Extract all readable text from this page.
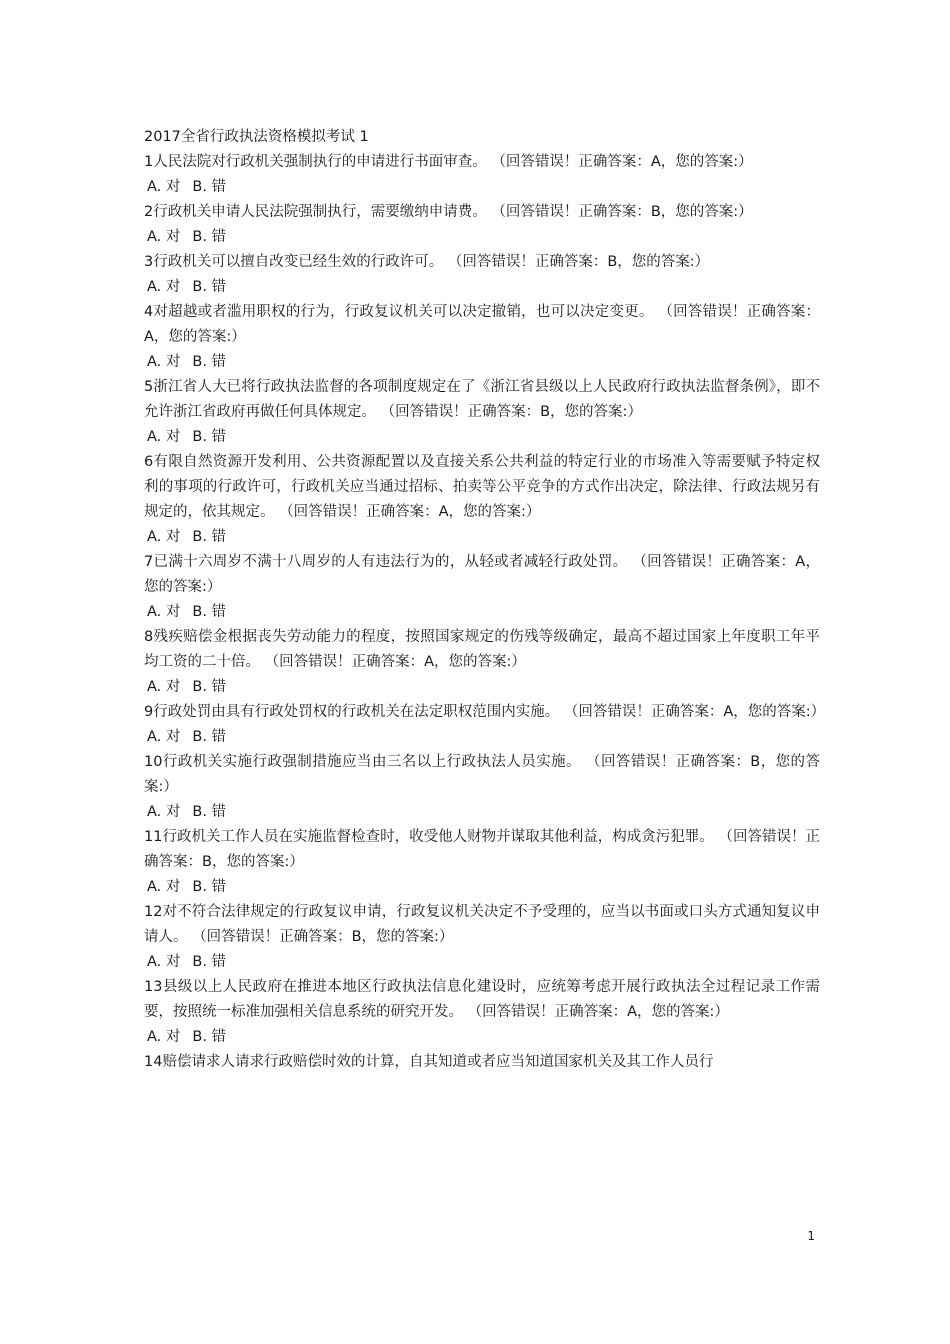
2017全省行政执法资格模拟考试 1

1人民法院对行政机关强制执行的申请进行书面审查。 （回答错误！正确答案：A，您的答案:）

A. 对 B. 错

2行政机关申请人民法院强制执行，需要缴纳申请费。 （回答错误！正确答案：B，您的答案:）

A. 对 B. 错

3行政机关可以擅自改变已经生效的行政许可。 （回答错误！正确答案：B，您的答案:）

A. 对 B. 错

4对超越或者滥用职权的行为，行政复议机关可以决定撤销，也可以决定变更。 （回答错误！正确答案：A，您的答案:）

A. 对 B. 错

5浙江省人大已将行政执法监督的各项制度规定在了《浙江省县级以上人民政府行政执法监督条例》，即不允许浙江省政府再做任何具体规定。 （回答错误！正确答案：B，您的答案:）

A. 对 B. 错

6有限自然资源开发利用、公共资源配置以及直接关系公共利益的特定行业的市场准入等需要赋予特定权利的事项的行政许可，行政机关应当通过招标、拍卖等公平竞争的方式作出决定，除法律、行政法规另有规定的，依其规定。 （回答错误！正确答案：A，您的答案:）

A. 对 B. 错

7已满十六周岁不满十八周岁的人有违法行为的，从轻或者减轻行政处罚。 （回答错误！正确答案：A，您的答案:）

A. 对 B. 错

8残疾赔偿金根据丧失劳动能力的程度，按照国家规定的伤残等级确定，最高不超过国家上年度职工年平均工资的二十倍。 （回答错误！正确答案：A，您的答案:）

A. 对 B. 错

9行政处罚由具有行政处罚权的行政机关在法定职权范围内实施。 （回答错误！正确答案：A，您的答案:）

A. 对 B. 错

10行政机关实施行政强制措施应当由三名以上行政执法人员实施。 （回答错误！正确答案：B，您的答案:）

A. 对 B. 错

11行政机关工作人员在实施监督检查时，收受他人财物并谋取其他利益，构成贪污犯罪。 （回答错误！正确答案：B，您的答案:）

A. 对 B. 错

12对不符合法律规定的行政复议申请，行政复议机关决定不予受理的，应当以书面或口头方式通知复议申请人。 （回答错误！正确答案：B，您的答案:）

A. 对 B. 错

13县级以上人民政府在推进本地区行政执法信息化建设时，应统筹考虑开展行政执法全过程记录工作需要，按照统一标准加强相关信息系统的研究开发。 （回答错误！正确答案：A，您的答案:）

A. 对 B. 错

14赔偿请求人请求行政赔偿时效的计算，自其知道或者应当知道国家机关及其工作人员行

1
